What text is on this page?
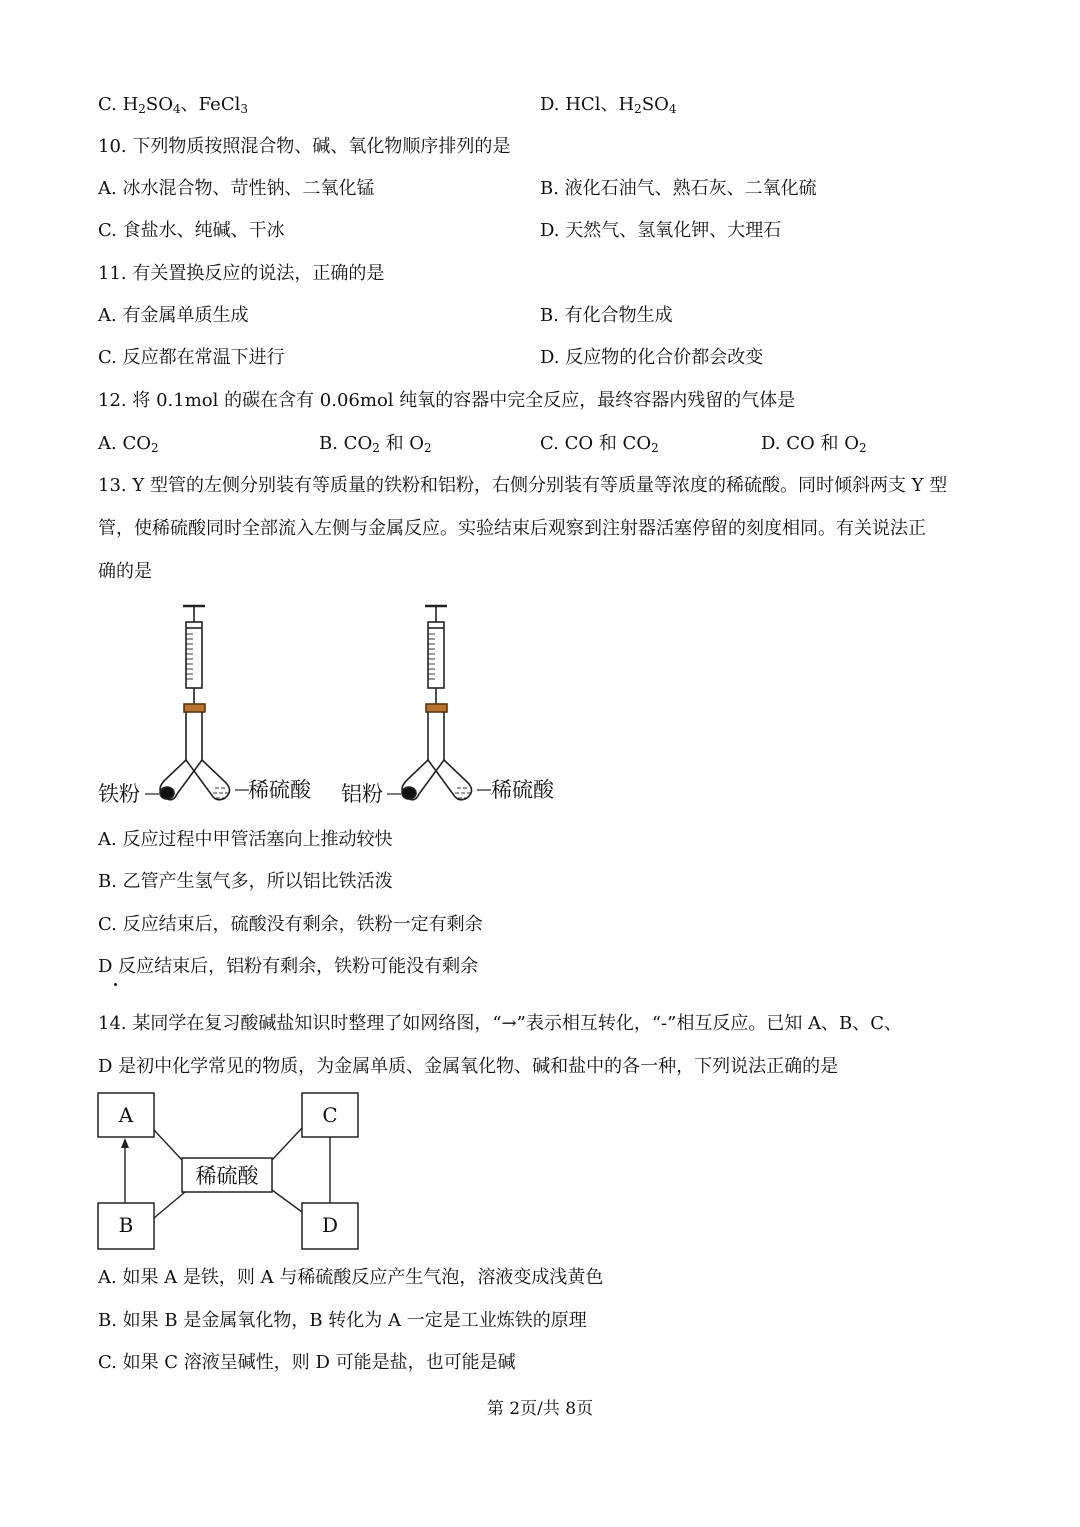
C. $H_2SO_4$、FeCl$_3$	D. HCl、$H_2SO_4$
10. 下列物质按照混合物、碱、氧化物顺序排列的是
A. 冰水混合物、苛性钠、二氧化锰	B. 液化石油气、熟石灰、二氧化硫
C. 食盐水、纯碱、干冰	D. 天然气、氢氧化钾、大理石
11. 有关置换反应的说法，正确的是
A. 有金属单质生成	B. 有化合物生成
C. 反应都在常温下进行	D. 反应物的化合价都会改变
12. 将 0.1mol 的碳在含有 0.06mol 纯氧的容器中完全反应，最终容器内残留的气体是
A. $CO_2$	B. $CO_2$ 和 $O_2$	C. CO 和 $CO_2$	D. CO 和 $O_2$
13. Y 型管的左侧分别装有等质量的铁粉和铝粉，右侧分别装有等质量等浓度的稀硫酸。同时倾斜两支 Y 型
管，使稀硫酸同时全部流入左侧与金属反应。实验结束后观察到注射器活塞停留的刻度相同。有关说法正
确的是
铁粉	稀硫酸 铝粉	稀硫酸
A. 反应过程中甲管活塞向上推动较快
B. 乙管产生氢气多，所以铝比铁活泼
C. 反应结束后，硫酸没有剩余，铁粉一定有剩余
D 反应结束后，铝粉有剩余，铁粉可能没有剩余
14. 某同学在复习酸碱盐知识时整理了如网络图，“→”表示相互转化，“-”相互反应。已知 A、B、C、
D 是初中化学常见的物质，为金属单质、金属氧化物、碱和盐中的各一种，下列说法正确的是
A	C
B	D
稀硫酸
A. 如果 A 是铁，则 A 与稀硫酸反应产生气泡，溶液变成浅黄色
B. 如果 B 是金属氧化物，B 转化为 A 一定是工业炼铁的原理
C. 如果 C 溶液呈碱性，则 D 可能是盐，也可能是碱
第 2页/共 8页
